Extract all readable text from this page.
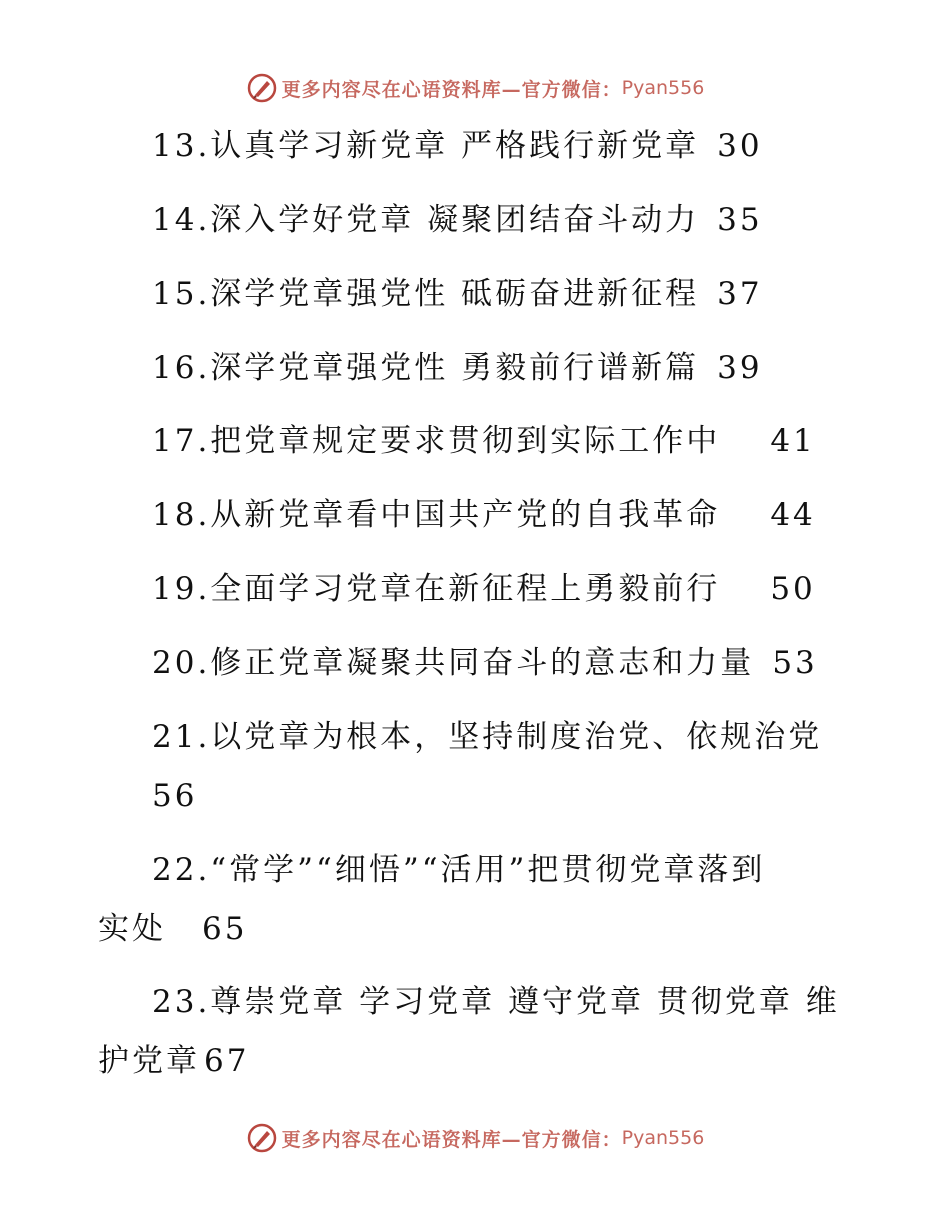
更多内容尽在心语资料库—官方微信： Pyan556
13.认真学习新党章 严格践行新党章 30
14.深入学好党章 凝聚团结奋斗动力 35
15.深学党章强党性 砥砺奋进新征程 37
16.深学党章强党性 勇毅前行谱新篇 39
17.把党章规定要求贯彻到实际工作中 41
18.从新党章看中国共产党的自我革命 44
19.全面学习党章在新征程上勇毅前行 50
20.修正党章凝聚共同奋斗的意志和力量 53
21.以党章为根本，坚持制度治党、依规治党
56
22.“常学”“细悟”“活用”把贯彻党章落到
实处 65
23.尊崇党章 学习党章 遵守党章 贯彻党章 维
护党章 67
更多内容尽在心语资料库—官方微信： Pyan556
